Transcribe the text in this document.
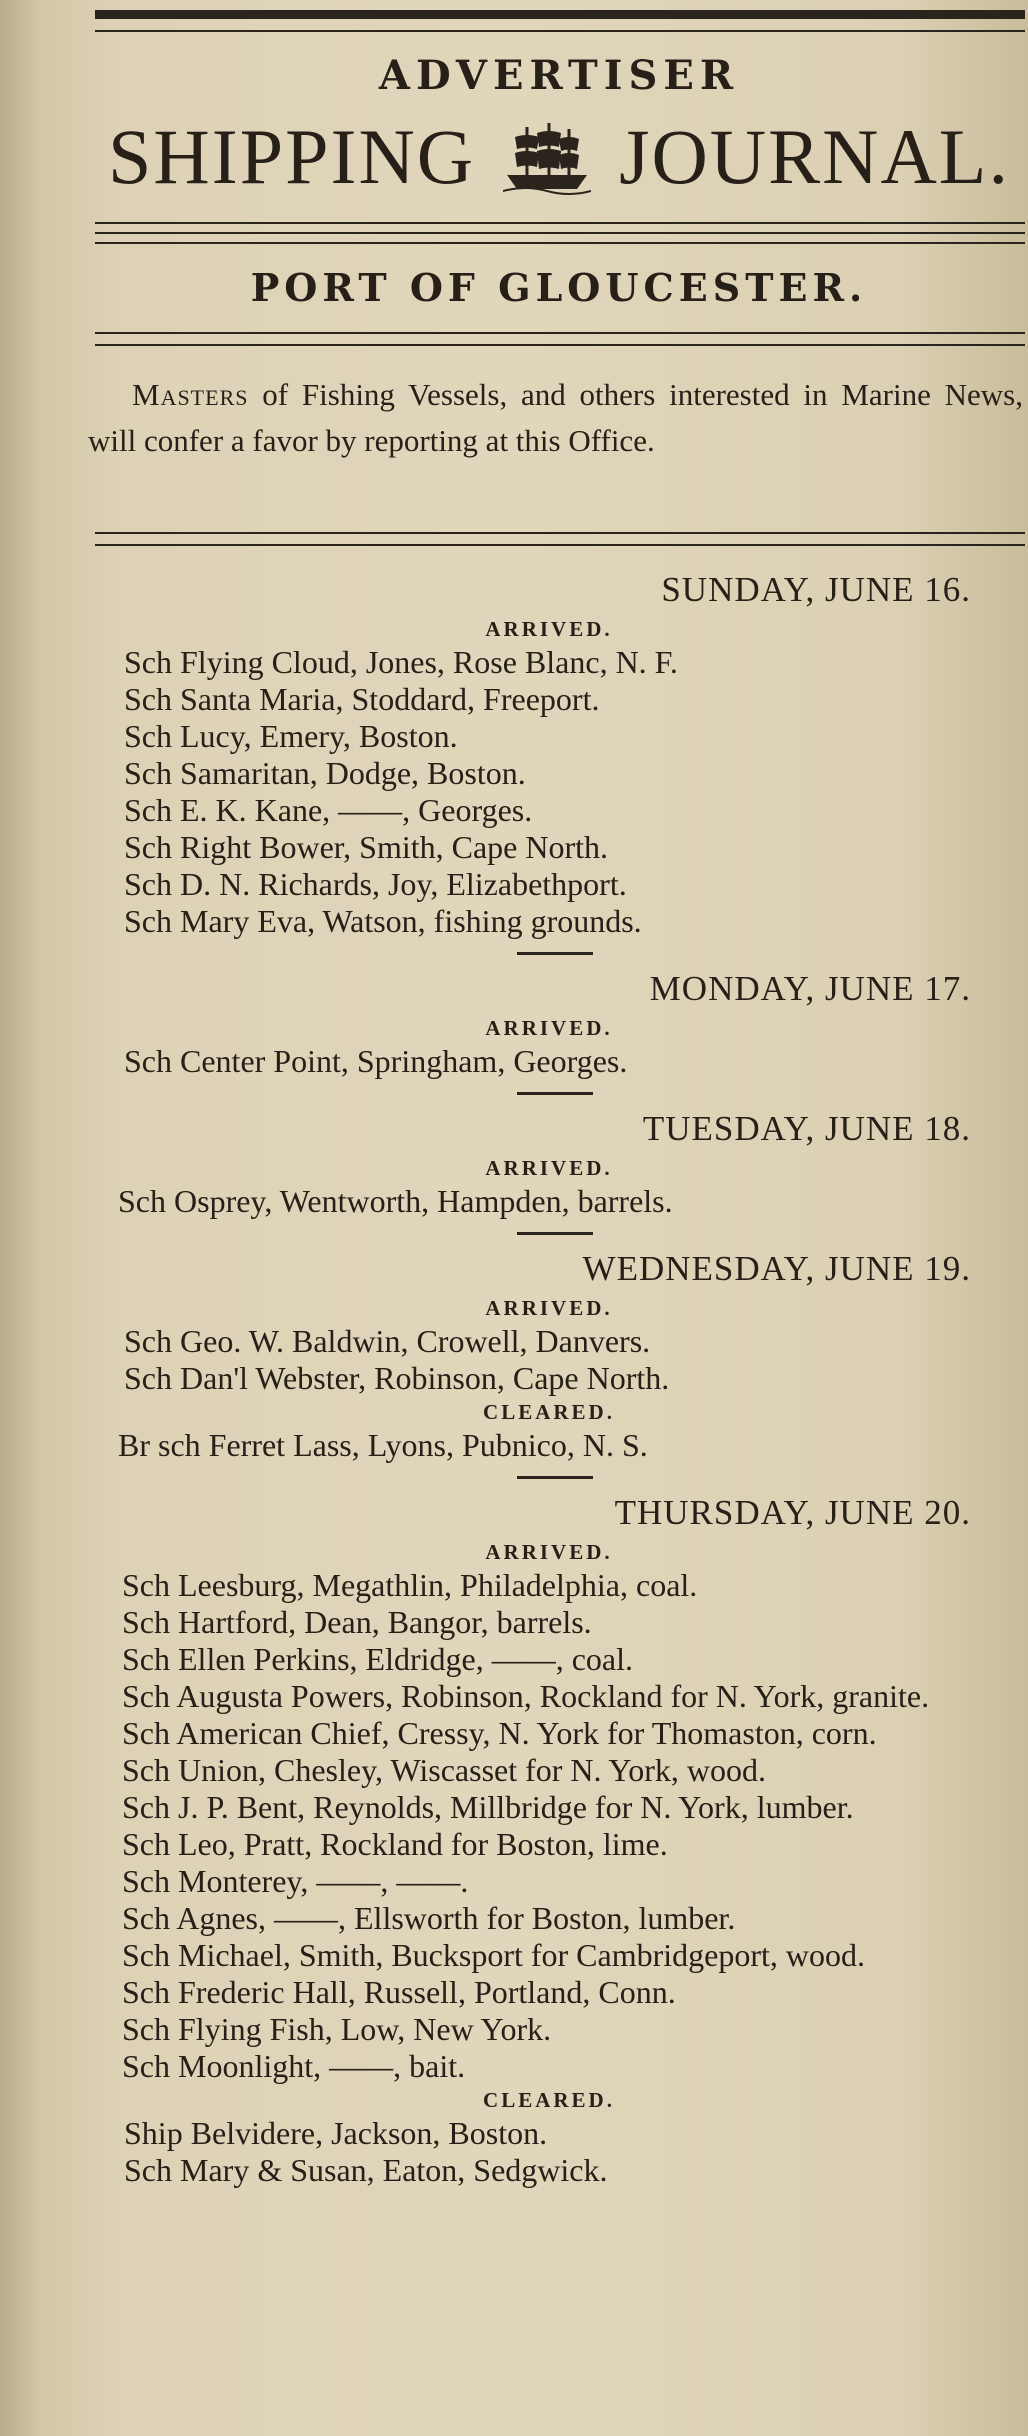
ADVERTISER
SHIPPING JOURNAL.
PORT OF GLOUCESTER.
Masters of Fishing Vessels, and others interested in Marine News, will confer a favor by reporting at this Office.
SUNDAY, JUNE 16.
ARRIVED.
Sch Flying Cloud, Jones, Rose Blanc, N. F.
Sch Santa Maria, Stoddard, Freeport.
Sch Lucy, Emery, Boston.
Sch Samaritan, Dodge, Boston.
Sch E. K. Kane, ——, Georges.
Sch Right Bower, Smith, Cape North.
Sch D. N. Richards, Joy, Elizabethport.
Sch Mary Eva, Watson, fishing grounds.
MONDAY, JUNE 17.
ARRIVED.
Sch Center Point, Springham, Georges.
TUESDAY, JUNE 18.
ARRIVED.
Sch Osprey, Wentworth, Hampden, barrels.
WEDNESDAY, JUNE 19.
ARRIVED.
Sch Geo. W. Baldwin, Crowell, Danvers.
Sch Dan'l Webster, Robinson, Cape North.
CLEARED.
Br sch Ferret Lass, Lyons, Pubnico, N. S.
THURSDAY, JUNE 20.
ARRIVED.
Sch Leesburg, Megathlin, Philadelphia, coal.
Sch Hartford, Dean, Bangor, barrels.
Sch Ellen Perkins, Eldridge, ——, coal.
Sch Augusta Powers, Robinson, Rockland for N. York, granite.
Sch American Chief, Cressy, N. York for Thomaston, corn.
Sch Union, Chesley, Wiscasset for N. York, wood.
Sch J. P. Bent, Reynolds, Millbridge for N. York, lumber.
Sch Leo, Pratt, Rockland for Boston, lime.
Sch Monterey, ——, ——.
Sch Agnes, ——, Ellsworth for Boston, lumber.
Sch Michael, Smith, Bucksport for Cambridgeport, wood.
Sch Frederic Hall, Russell, Portland, Conn.
Sch Flying Fish, Low, New York.
Sch Moonlight, ——, bait.
CLEARED.
Ship Belvidere, Jackson, Boston.
Sch Mary & Susan, Eaton, Sedgwick.
